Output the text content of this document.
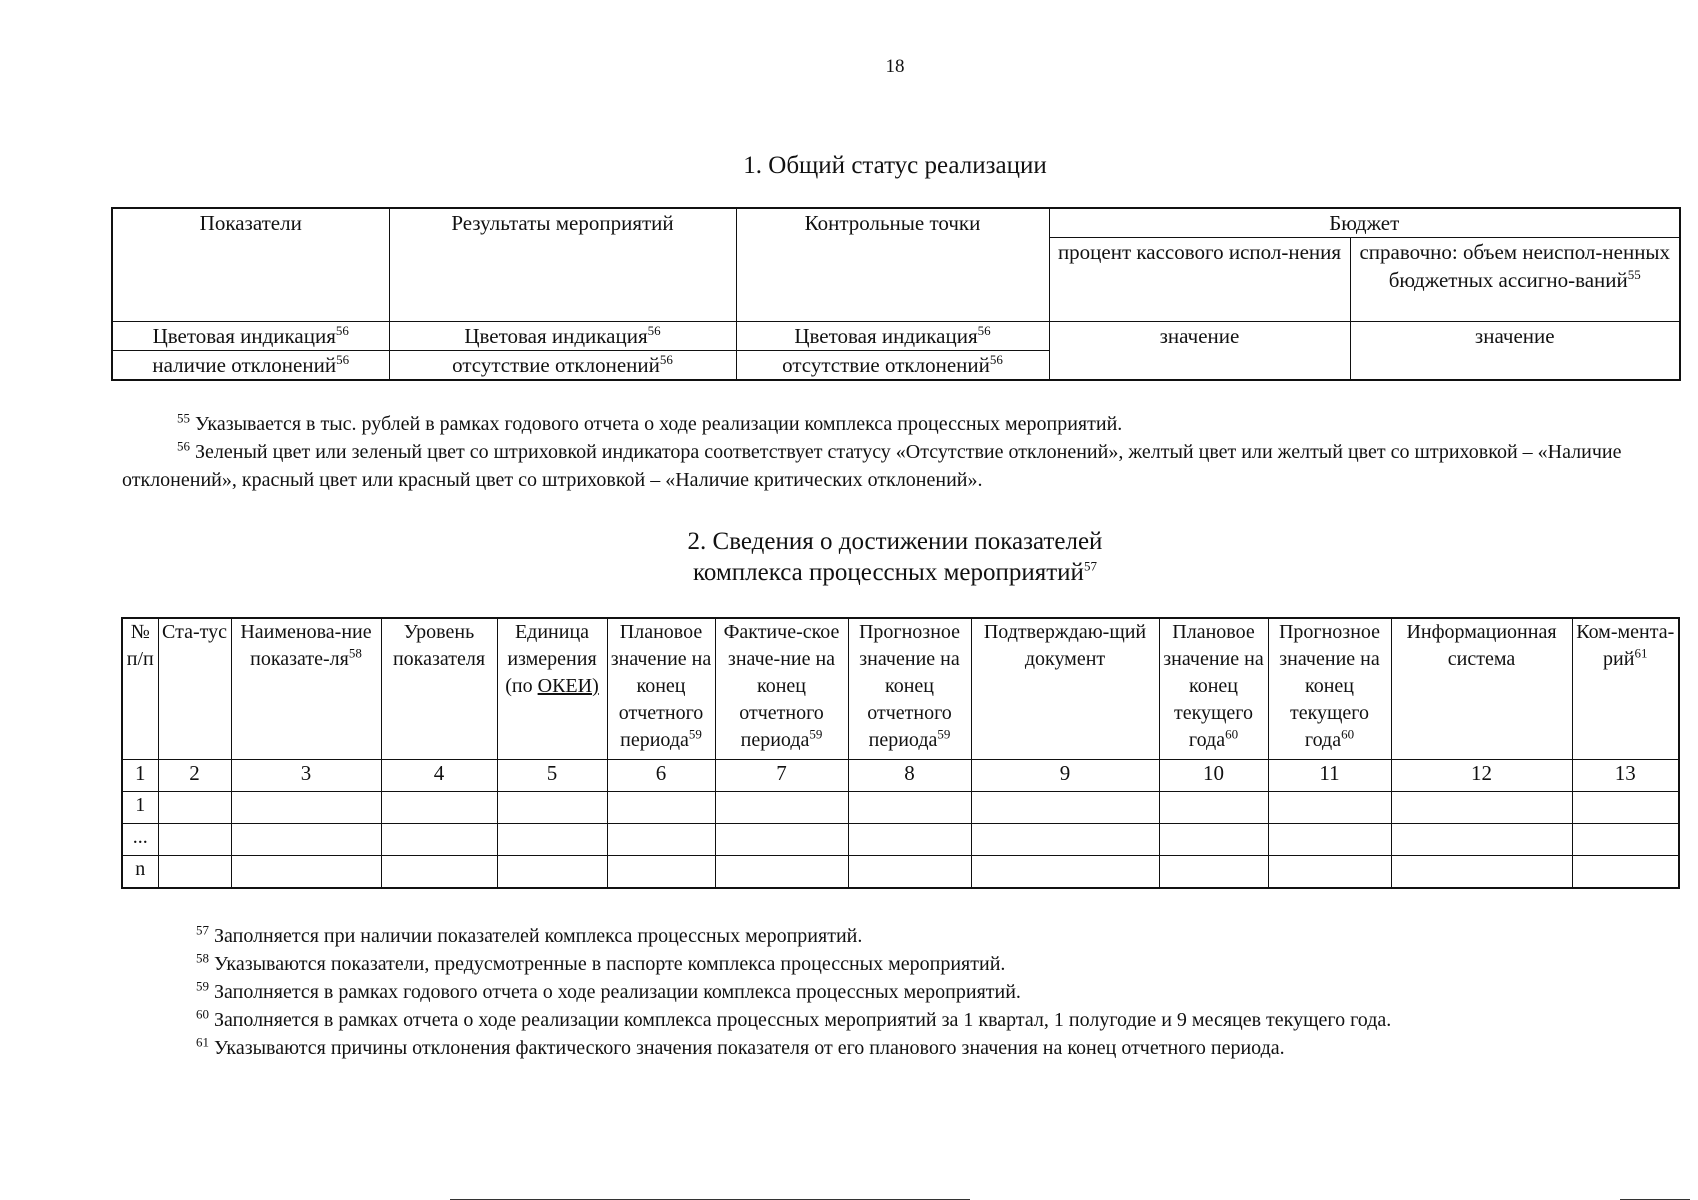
18
1. Общий статус реализации
Показатели	Результаты мероприятий	Контрольные точки	Бюджет	
			процент кассового испол-нения	справочно: объем неиспол-ненных бюджетных ассигно-ваний$^{55}$
Цветовая индикация$^{56}$	Цветовая индикация$^{56}$	Цветовая индикация$^{56}$	значение	значение
наличие отклонений$^{56}$	отсутствие отклонений$^{56}$	отсутствие отклонений$^{56}$

$^{55}$ Указывается в тыс. рублей в рамках годового отчета о ходе реализации комплекса процессных мероприятий.

$^{56}$ Зеленый цвет или зеленый цвет со штриховкой индикатора соответствует статусу «Отсутствие отклонений», желтый цвет или желтый цвет со штриховкой – «Наличие отклонений», красный цвет или красный цвет со штриховкой – «Наличие критических отклонений».

2. Сведения о достижении показателей
комплекса процессных мероприятий$^{57}$
№ п/п	Ста-тус	Наименова-ние показате-$ля^{58}$	Уровень показателя	Единица измерения (по ОКЕИ)	Плановое значение на конец отчетного периода$^{59}$	Фактиче-ское значе-ние на конец отчетного периода$^{59}$	Прогнозное значение на конец отчетного периода$^{59}$	Подтверждаю-щий документ	Плановое значение на конец текущего года$^{60}$	Прогнозное значение на конец текущего года$^{60}$	Информационная система	Ком-мента-рий$^{61}$
1	2	3	4	5	6	7	8	9	10	11	12	13
1												
...												
n												

$^{57}$ Заполняется при наличии показателей комплекса процессных мероприятий.

$^{58}$ Указываются показатели, предусмотренные в паспорте комплекса процессных мероприятий.

$^{59}$ Заполняется в рамках годового отчета о ходе реализации комплекса процессных мероприятий.

$^{60}$ Заполняется в рамках отчета о ходе реализации комплекса процессных мероприятий за 1 квартал, 1 полугодие и 9 месяцев текущего года.

$^{61}$ Указываются причины отклонения фактического значения показателя от его планового значения на конец отчетного периода.
